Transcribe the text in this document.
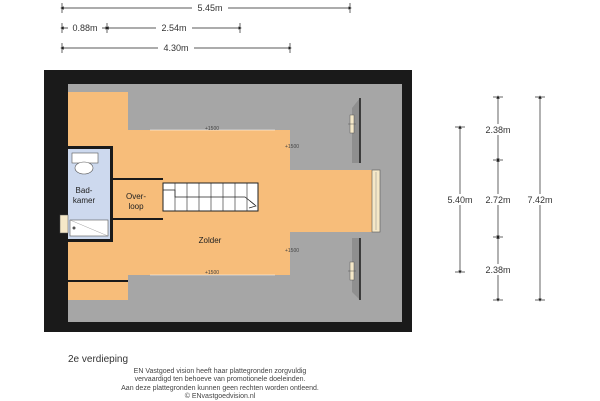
5.45m
0.88m	2.54m
4.30m
2.38m
2.72m
2.38m
5.40m	7.42m
Bad-
kamer	Over-
loop
Zolder
+1500
+1500
+1500
+1500
2e verdieping
EN Vastgoed vision heeft haar plattegronden zorgvuldig
vervaardigd ten behoeve van promotionele doeleinden.
Aan deze plattegronden kunnen geen rechten worden ontleend.
© ENvastgoedvision.nl
